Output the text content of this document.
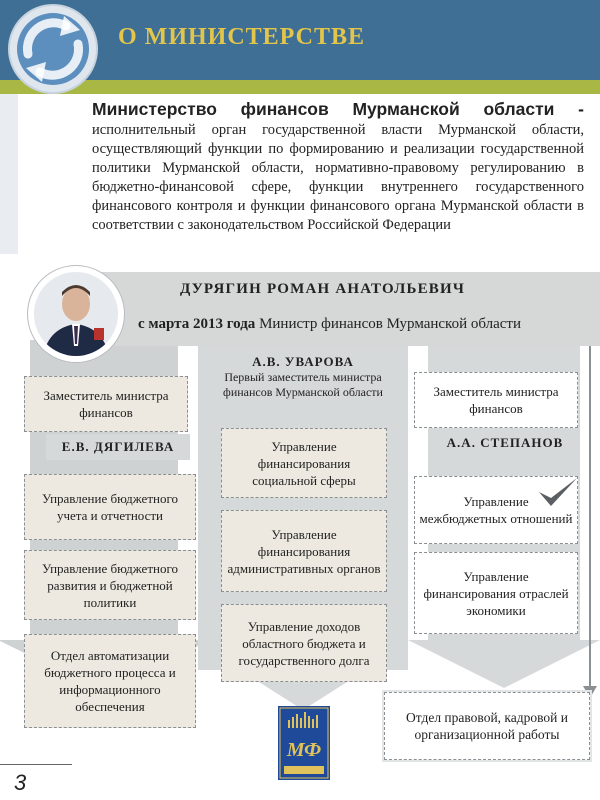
О МИНИСТЕРСТВЕ
Министерство финансов Мурманской области - исполнительный орган государственной власти Мурманской области, осуществляющий функции по формированию и реализации государственной политики Мурманской области, нормативно-правовому регулированию в бюджетно-финансовой сфере, функции внутреннего государственного финансового контроля и функции финансового органа Мурманской области в соответствии с законодательством Российской Федерации
ДУРЯГИН РОМАН АНАТОЛЬЕВИЧ
с марта 2013 года Министр финансов Мурманской области
А.В. УВАРОВА
Первый заместитель министра финансов Мурманской области
Заместитель министра финансов
Е.В. ДЯГИЛЕВА
Управление бюджетного учета и отчетности
Управление бюджетного развития и бюджетной политики
Отдел автоматизации бюджетного процесса и информационного обеспечения
Управление финансирования социальной сферы
Управление финансирования административных органов
Управление доходов областного бюджета и государственного долга
Заместитель министра финансов
А.А. СТЕПАНОВ
Управление межбюджетных отношений
Управление финансирования отраслей экономики
Отдел правовой, кадровой и организационной работы
МФ
3
